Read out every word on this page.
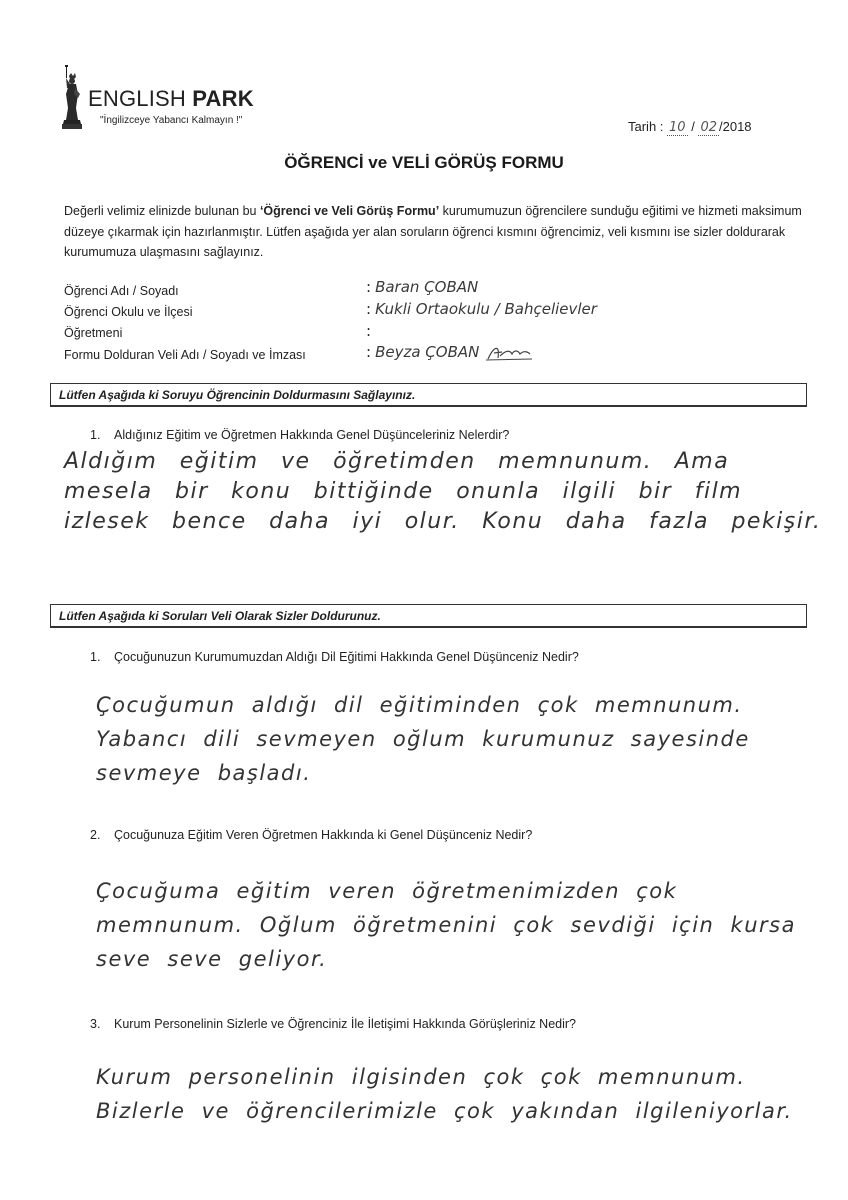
ENGLISH PARK
"İngilizceye Yabancı Kalmayın !"	Tarih : 10 / 02 /2018
ÖĞRENCİ ve VELİ GÖRÜŞ FORMU
Değerli velimiz elinizde bulunan bu ‘Öğrenci ve Veli Görüş Formu’ kurumumuzun öğrencilere sunduğu eğitimi ve hizmeti maksimum düzeye çıkarmak için hazırlanmıştır. Lütfen aşağıda yer alan soruların öğrenci kısmını öğrencimiz, veli kısmını ise sizler doldurarak kurumumuza ulaşmasını sağlayınız.
Öğrenci Adı / Soyadı	: Baran ÇOBAN
Öğrenci Okulu ve İlçesi	: Kukli Ortaokulu / Bahçelievler
Öğretmeni	:
Formu Dolduran Veli Adı / Soyadı ve İmzası	: Beyza ÇOBAN
Lütfen Aşağıda ki Soruyu Öğrencinin Doldurmasını Sağlayınız.
1. Aldığınız Eğitim ve Öğretmen Hakkında Genel Düşünceleriniz Nelerdir?
Aldığım eğitim ve öğretimden memnunum. Ama mesela bir konu bittiğinde onunla ilgili bir film izlesek bence daha iyi olur. Konu daha fazla pekişir.
Lütfen Aşağıda ki Soruları Veli Olarak Sizler Doldurunuz.
1. Çocuğunuzun Kurumumuzdan Aldığı Dil Eğitimi Hakkında Genel Düşünceniz Nedir?
Çocuğumun aldığı dil eğitiminden çok memnunum. Yabancı dili sevmeyen oğlum kurumunuz sayesinde sevmeye başladı.
2. Çocuğunuza Eğitim Veren Öğretmen Hakkında ki Genel Düşünceniz Nedir?
Çocuğuma eğitim veren öğretmenimizden çok memnunum. Oğlum öğretmenini çok sevdiği için kursa seve seve geliyor.
3. Kurum Personelinin Sizlerle ve Öğrenciniz İle İletişimi Hakkında Görüşleriniz Nedir?
Kurum personelinin ilgisinden çok çok memnunum. Bizlerle ve öğrencilerimizle çok yakından ilgileniyorlar.
